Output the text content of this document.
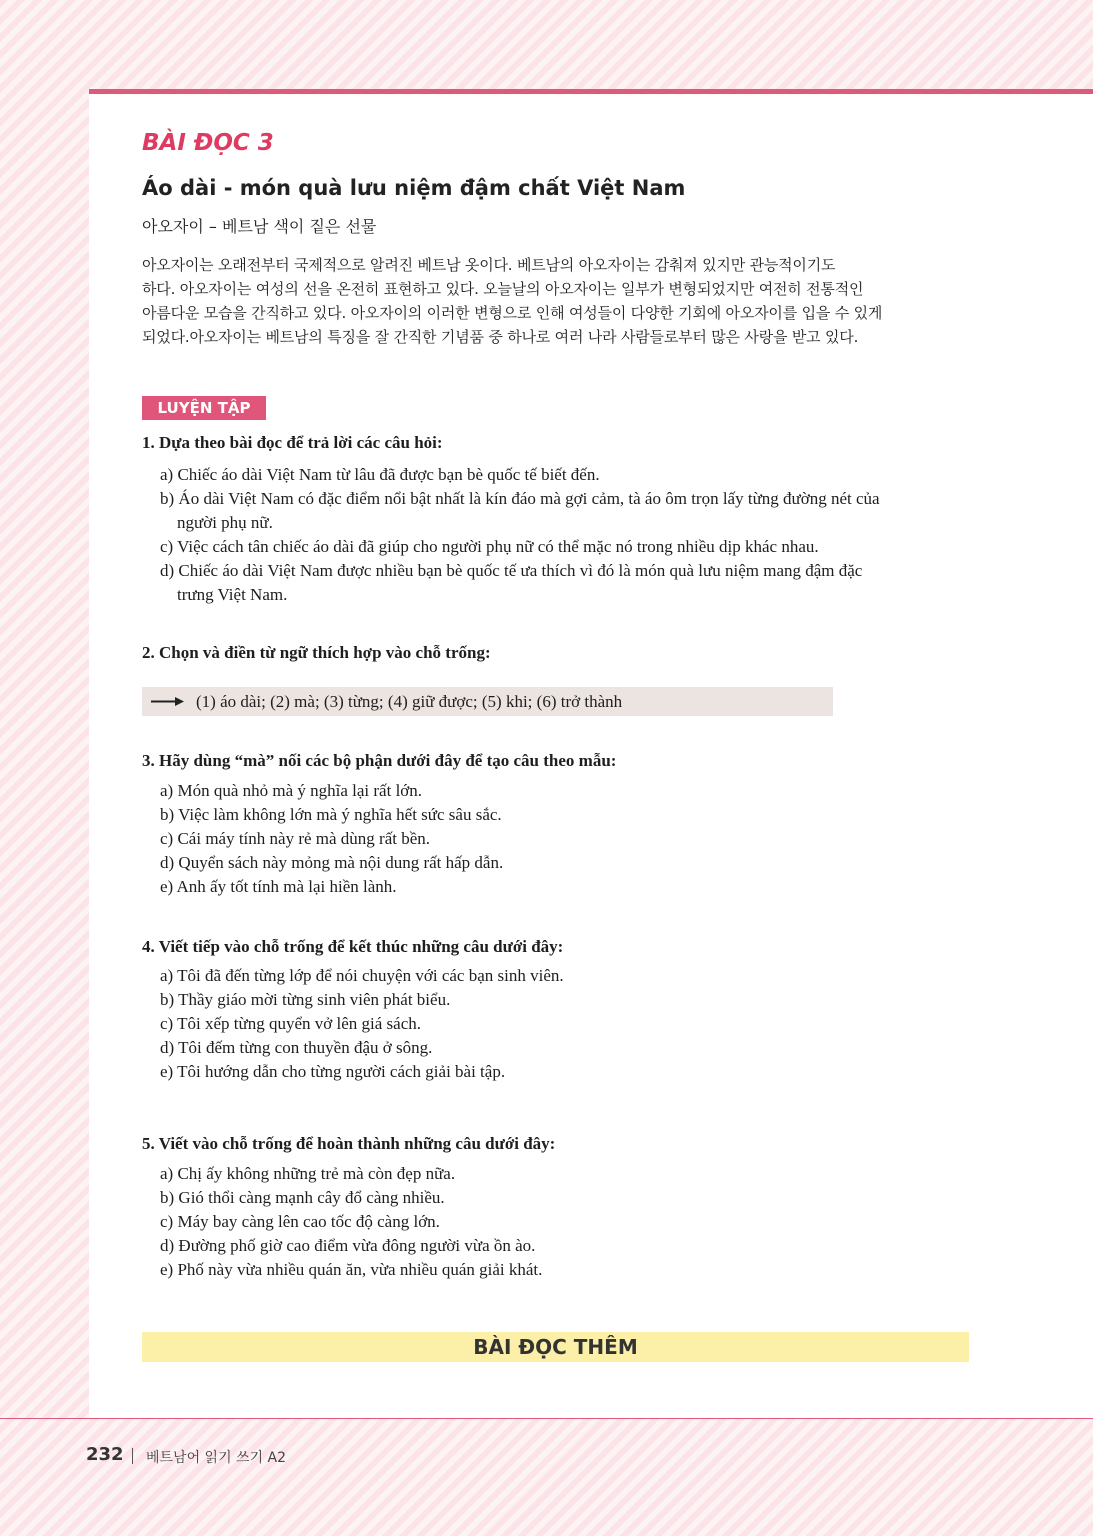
BÀI ĐỌC 3
Áo dài - món quà lưu niệm đậm chất Việt Nam
아오자이 – 베트남 색이 짙은 선물

아오자이는 오래전부터 국제적으로 알려진 베트남 옷이다. 베트남의 아오자이는 감춰져 있지만 관능적이기도

하다. 아오자이는 여성의 선을 온전히 표현하고 있다. 오늘날의 아오자이는 일부가 변형되었지만 여전히 전통적인

아름다운 모습을 간직하고 있다. 아오자이의 이러한 변형으로 인해 여성들이 다양한 기회에 아오자이를 입을 수 있게

되었다.아오자이는 베트남의 특징을 잘 간직한 기념품 중 하나로 여러 나라 사람들로부터 많은 사랑을 받고 있다.

LUYỆN TẬP
1. Dựa theo bài đọc để trả lời các câu hỏi:
a) Chiếc áo dài Việt Nam từ lâu đã được bạn bè quốc tế biết đến.
b) Áo dài Việt Nam có đặc điểm nổi bật nhất là kín đáo mà gợi cảm, tà áo ôm trọn lấy từng đường nét của
người phụ nữ.
c) Việc cách tân chiếc áo dài đã giúp cho người phụ nữ có thể mặc nó trong nhiều dịp khác nhau.
d) Chiếc áo dài Việt Nam được nhiều bạn bè quốc tế ưa thích vì đó là món quà lưu niệm mang đậm đặc
trưng Việt Nam.
2. Chọn và điền từ ngữ thích hợp vào chỗ trống:
(1) áo dài; (2) mà; (3) từng; (4) giữ được; (5) khi; (6) trở thành
3. Hãy dùng “mà” nối các bộ phận dưới đây để tạo câu theo mẫu:
a) Món quà nhỏ mà ý nghĩa lại rất lớn.
b) Việc làm không lớn mà ý nghĩa hết sức sâu sắc.
c) Cái máy tính này rẻ mà dùng rất bền.
d) Quyển sách này mỏng mà nội dung rất hấp dẫn.
e) Anh ấy tốt tính mà lại hiền lành.
4. Viết tiếp vào chỗ trống để kết thúc những câu dưới đây:
a) Tôi đã đến từng lớp để nói chuyện với các bạn sinh viên.
b) Thầy giáo mời từng sinh viên phát biểu.
c) Tôi xếp từng quyển vở lên giá sách.
d) Tôi đếm từng con thuyền đậu ở sông.
e) Tôi hướng dẫn cho từng người cách giải bài tập.
5. Viết vào chỗ trống để hoàn thành những câu dưới đây:
a) Chị ấy không những trẻ mà còn đẹp nữa.
b) Gió thổi càng mạnh cây đổ càng nhiều.
c) Máy bay càng lên cao tốc độ càng lớn.
d) Đường phố giờ cao điểm vừa đông người vừa ồn ào.
e) Phố này vừa nhiều quán ăn, vừa nhiều quán giải khát.
BÀI ĐỌC THÊM
232 베트남어 읽기 쓰기 A2
